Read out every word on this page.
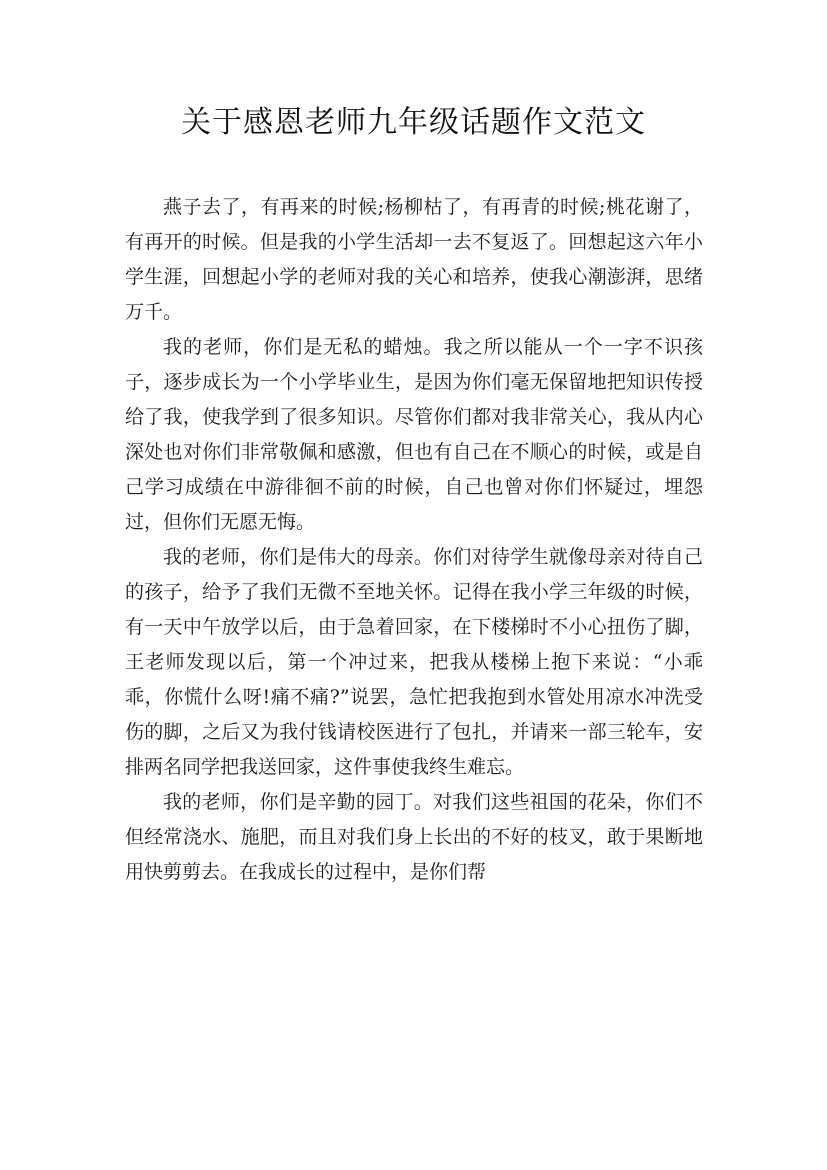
关于感恩老师九年级话题作文范文

燕子去了，有再来的时候;杨柳枯了，有再青的时候;桃花谢了，有再开的时候。但是我的小学生活却一去不复返了。回想起这六年小学生涯，回想起小学的老师对我的关心和培养，使我心潮澎湃，思绪万千。

我的老师，你们是无私的蜡烛。我之所以能从一个一字不识孩子，逐步成长为一个小学毕业生，是因为你们毫无保留地把知识传授给了我，使我学到了很多知识。尽管你们都对我非常关心，我从内心深处也对你们非常敬佩和感激，但也有自己在不顺心的时候，或是自己学习成绩在中游徘徊不前的时候，自己也曾对你们怀疑过，埋怨过，但你们无愿无悔。

我的老师，你们是伟大的母亲。你们对待学生就像母亲对待自己的孩子，给予了我们无微不至地关怀。记得在我小学三年级的时候，有一天中午放学以后，由于急着回家，在下楼梯时不小心扭伤了脚，王老师发现以后，第一个冲过来，把我从楼梯上抱下来说：“小乖乖，你慌什么呀!痛不痛?”说罢，急忙把我抱到水管处用凉水冲洗受伤的脚，之后又为我付钱请校医进行了包扎，并请来一部三轮车，安排两名同学把我送回家，这件事使我终生难忘。

我的老师，你们是辛勤的园丁。对我们这些祖国的花朵，你们不但经常浇水、施肥，而且对我们身上长出的不好的枝叉，敢于果断地用快剪剪去。在我成长的过程中，是你们帮
